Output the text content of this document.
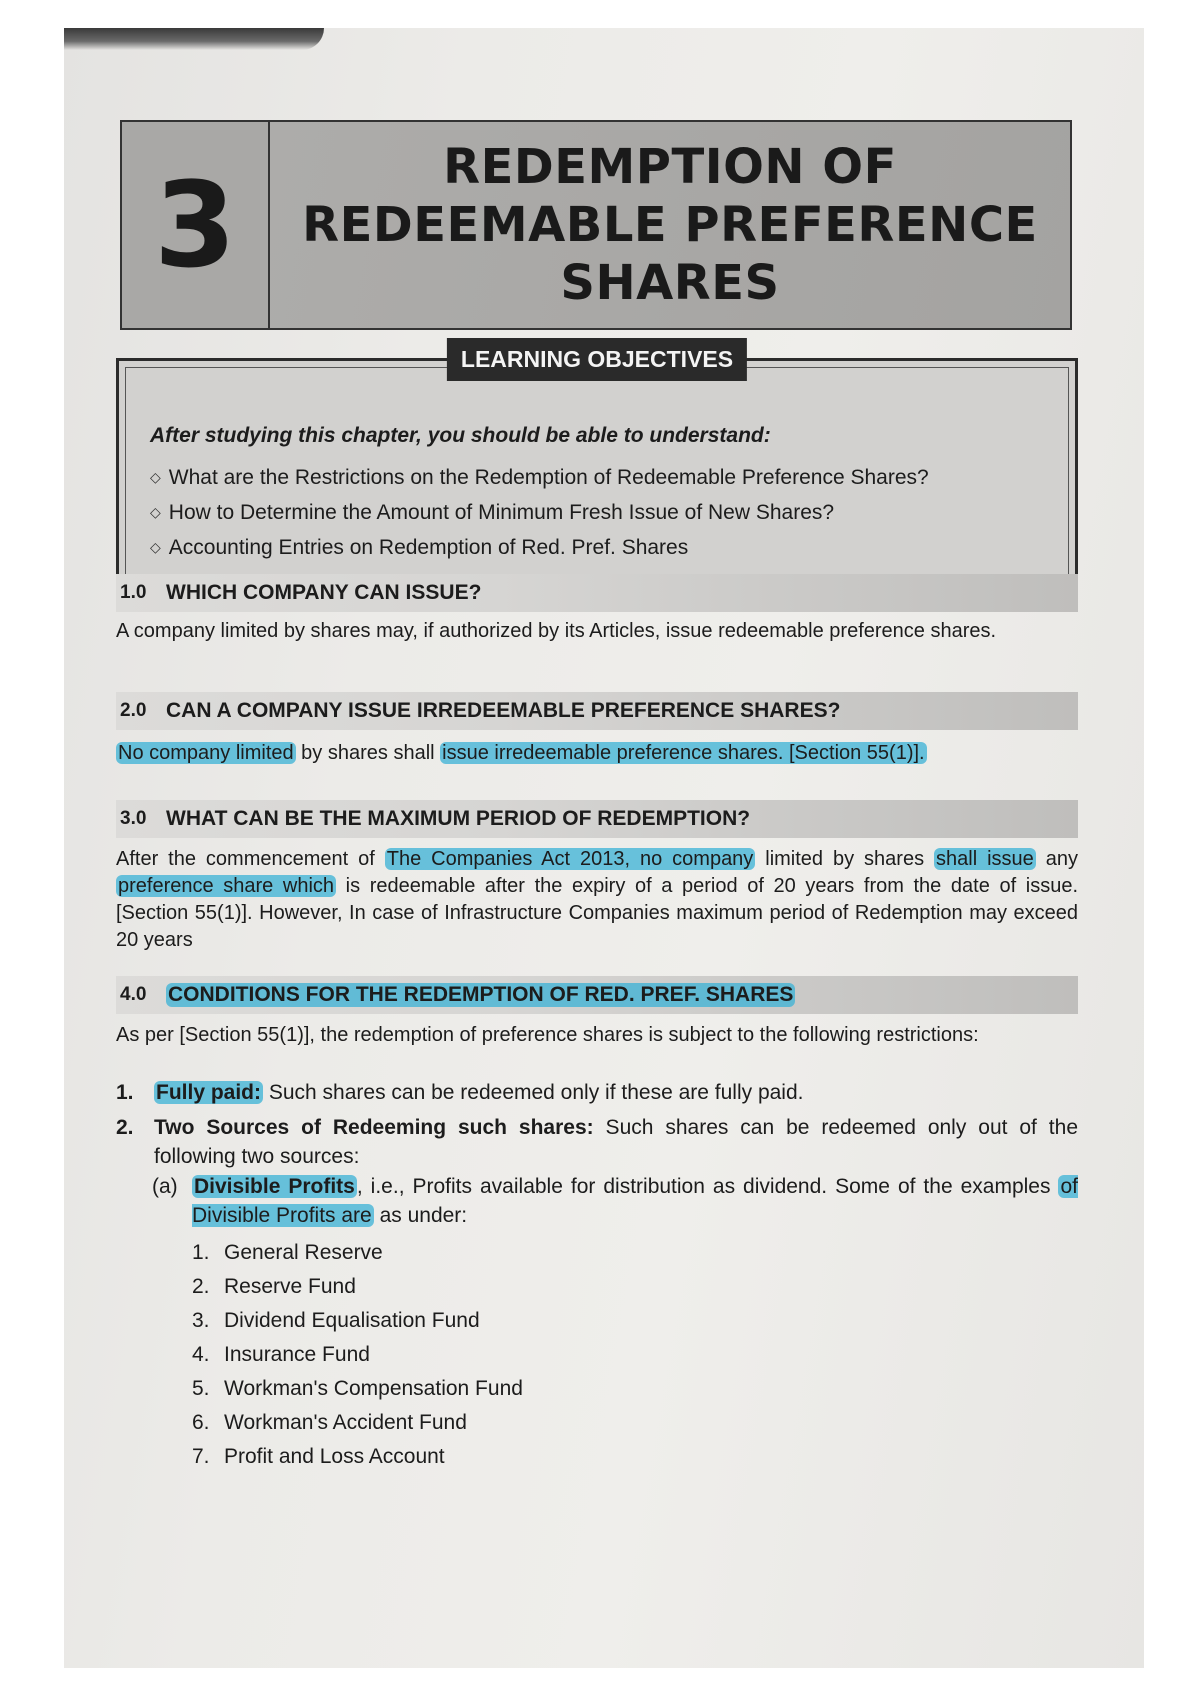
3	REDEMPTION OF
REDEEMABLE PREFERENCE
SHARES
LEARNING OBJECTIVES
After studying this chapter, you should be able to understand:
◇ What are the Restrictions on the Redemption of Redeemable Preference Shares?
◇ How to Determine the Amount of Minimum Fresh Issue of New Shares?
◇ Accounting Entries on Redemption of Red. Pref. Shares
1.0 WHICH COMPANY CAN ISSUE?

A company limited by shares may, if authorized by its Articles, issue redeemable preference shares.

2.0 CAN A COMPANY ISSUE IRREDEEMABLE PREFERENCE SHARES?

No company limited by shares shall issue irredeemable preference shares. [Section 55(1)].

3.0 WHAT CAN BE THE MAXIMUM PERIOD OF REDEMPTION?

After the commencement of The Companies Act 2013, no company limited by shares shall issue any preference share which is redeemable after the expiry of a period of 20 years from the date of issue. [Section 55(1)]. However, In case of Infrastructure Companies maximum period of Redemption may exceed 20 years

4.0	CONDITIONS FOR THE REDEMPTION OF RED. PREF. SHARES

As per [Section 55(1)], the redemption of preference shares is subject to the following restrictions:

1.	Fully paid: Such shares can be redeemed only if these are fully paid.
2. Two Sources of Redeeming such shares: Such shares can be redeemed only out of the following two sources:
(a) Divisible Profits, i.e., Profits available for distribution as dividend. Some of the examples of Divisible Profits are as under:
1. General Reserve
2. Reserve Fund
3. Dividend Equalisation Fund
4. Insurance Fund
5. Workman's Compensation Fund
6. Workman's Accident Fund
7. Profit and Loss Account
